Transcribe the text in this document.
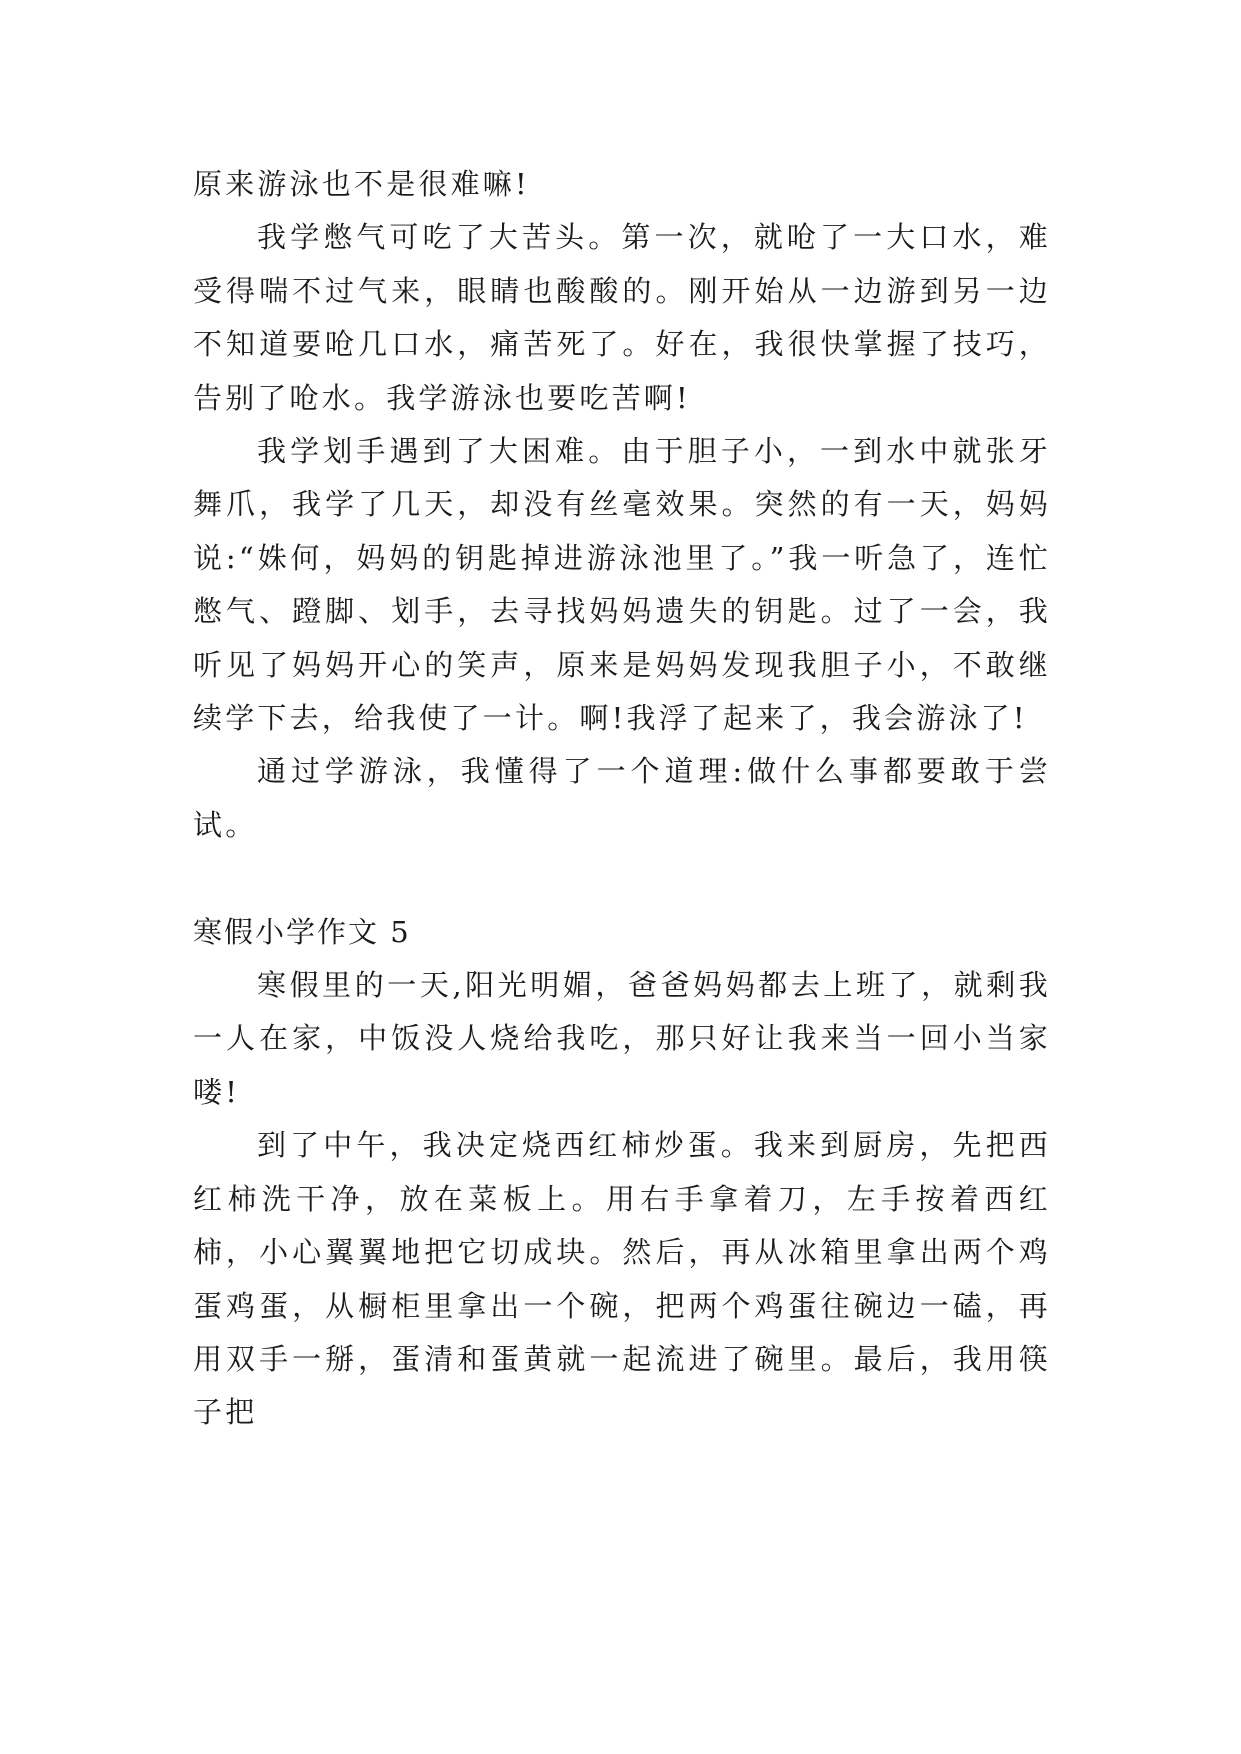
原来游泳也不是很难嘛!

我学憋气可吃了大苦头。第一次，就呛了一大口水，难受得喘不过气来，眼睛也酸酸的。刚开始从一边游到另一边不知道要呛几口水，痛苦死了。好在，我很快掌握了技巧，告别了呛水。我学游泳也要吃苦啊!

我学划手遇到了大困难。由于胆子小，一到水中就张牙舞爪，我学了几天，却没有丝毫效果。突然的有一天，妈妈说:“姝何，妈妈的钥匙掉进游泳池里了。”我一听急了，连忙憋气、蹬脚、划手，去寻找妈妈遗失的钥匙。过了一会，我听见了妈妈开心的笑声，原来是妈妈发现我胆子小，不敢继续学下去，给我使了一计。啊!我浮了起来了，我会游泳了!

通过学游泳，我懂得了一个道理:做什么事都要敢于尝试。

寒假小学作文 5

寒假里的一天,阳光明媚，爸爸妈妈都去上班了，就剩我一人在家，中饭没人烧给我吃，那只好让我来当一回小当家喽!

到了中午，我决定烧西红柿炒蛋。我来到厨房，先把西红柿洗干净，放在菜板上。用右手拿着刀，左手按着西红柿，小心翼翼地把它切成块。然后，再从冰箱里拿出两个鸡蛋鸡蛋，从橱柜里拿出一个碗，把两个鸡蛋往碗边一磕，再用双手一掰，蛋清和蛋黄就一起流进了碗里。最后，我用筷子把
